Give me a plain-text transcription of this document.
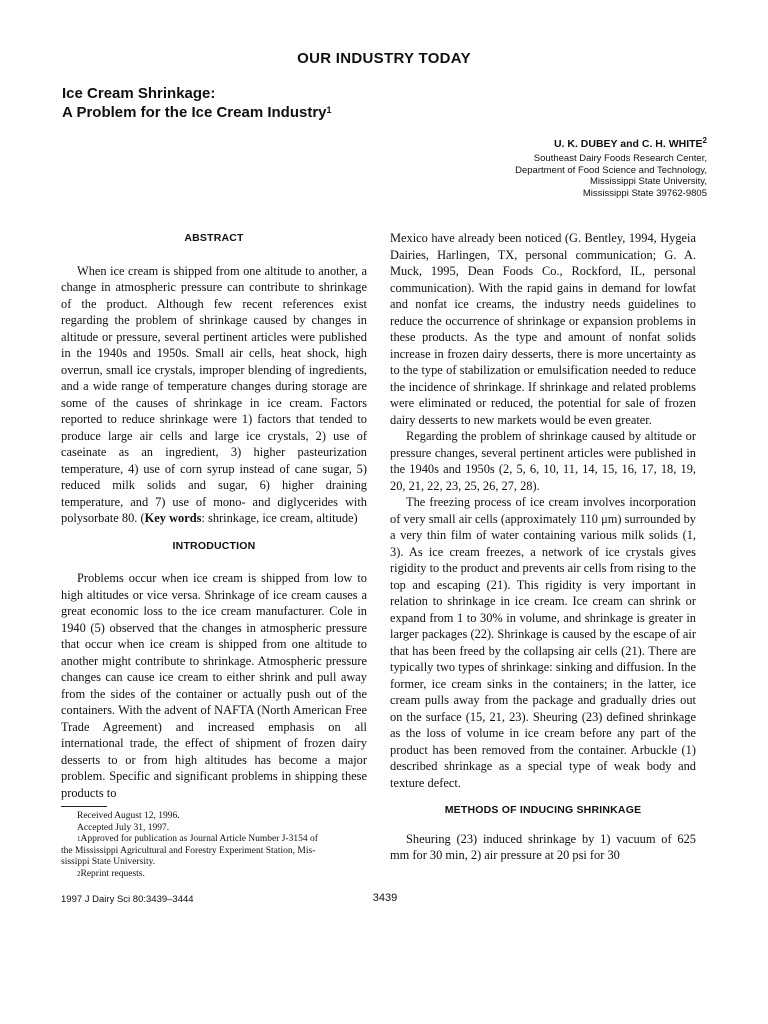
OUR INDUSTRY TODAY
Ice Cream Shrinkage:
A Problem for the Ice Cream Industry$^1$
U. K. DUBEY and C. H. WHITE$^2$
Southeast Dairy Foods Research Center,
Department of Food Science and Technology,
Mississippi State University,
Mississippi State 39762-9805
ABSTRACT

When ice cream is shipped from one altitude to another, a change in atmospheric pressure can contribute to shrinkage of the product. Although few recent references exist regarding the problem of shrinkage caused by changes in altitude or pressure, several pertinent articles were published in the 1940s and 1950s. Small air cells, heat shock, high overrun, small ice crystals, improper blending of ingredients, and a wide range of temperature changes during storage are some of the causes of shrinkage in ice cream. Factors reported to reduce shrinkage were 1) factors that tended to produce large air cells and large ice crystals, 2) use of caseinate as an ingredient, 3) higher pasteurization temperature, 4) use of corn syrup instead of cane sugar, 5) reduced milk solids and sugar, 6) higher draining temperature, and 7) use of mono- and diglycerides with polysorbate 80. (Key words: shrinkage, ice cream, altitude)

INTRODUCTION

Problems occur when ice cream is shipped from low to high altitudes or vice versa. Shrinkage of ice cream causes a great economic loss to the ice cream manufacturer. Cole in 1940 (5) observed that the changes in atmospheric pressure that occur when ice cream is shipped from one altitude to another might contribute to shrinkage. Atmospheric pressure changes can cause ice cream to either shrink and pull away from the sides of the container or actually push out of the containers. With the advent of NAFTA (North American Free Trade Agreement) and increased emphasis on all international trade, the effect of shipment of frozen dairy desserts to or from high altitudes has become a major problem. Specific and significant problems in shipping these products to

Mexico have already been noticed (G. Bentley, 1994, Hygeia Dairies, Harlingen, TX, personal communication; G. A. Muck, 1995, Dean Foods Co., Rockford, IL, personal communication). With the rapid gains in demand for lowfat and nonfat ice creams, the industry needs guidelines to reduce the occurrence of shrinkage or expansion problems in these products. As the type and amount of nonfat solids increase in frozen dairy desserts, there is more uncertainty as to the type of stabilization or emulsification needed to reduce the incidence of shrinkage. If shrinkage and related problems were eliminated or reduced, the potential for sale of frozen dairy desserts to new markets would be even greater.

Regarding the problem of shrinkage caused by altitude or pressure changes, several pertinent articles were published in the 1940s and 1950s (2, 5, 6, 10, 11, 14, 15, 16, 17, 18, 19, 20, 21, 22, 23, 25, 26, 27, 28).

The freezing process of ice cream involves incorporation of very small air cells (approximately 110 μm) surrounded by a very thin film of water containing various milk solids (1, 3). As ice cream freezes, a network of ice crystals gives rigidity to the product and prevents air cells from rising to the top and escaping (21). This rigidity is very important in relation to shrinkage in ice cream. Ice cream can shrink or expand from 1 to 30% in volume, and shrinkage is greater in larger packages (22). Shrinkage is caused by the escape of air that has been freed by the collapsing air cells (21). There are typically two types of shrinkage: sinking and diffusion. In the former, ice cream sinks in the containers; in the latter, ice cream pulls away from the package and gradually dries out on the surface (15, 21, 23). Sheuring (23) defined shrinkage as the loss of volume in ice cream before any part of the product has been removed from the container. Arbuckle (1) described shrinkage as a special type of weak body and texture defect.

METHODS OF INDUCING SHRINKAGE

Sheuring (23) induced shrinkage by 1) vacuum of 625 mm for 30 min, 2) air pressure at 20 psi for 30

Received August 12, 1996.
Accepted July 31, 1997.
$^1$Approved for publication as Journal Article Number J-3154 of
the Mississippi Agricultural and Forestry Experiment Station, Mis-
sissippi State University.
$^2$Reprint requests.
1997 J Dairy Sci 80:3439–3444	3439
